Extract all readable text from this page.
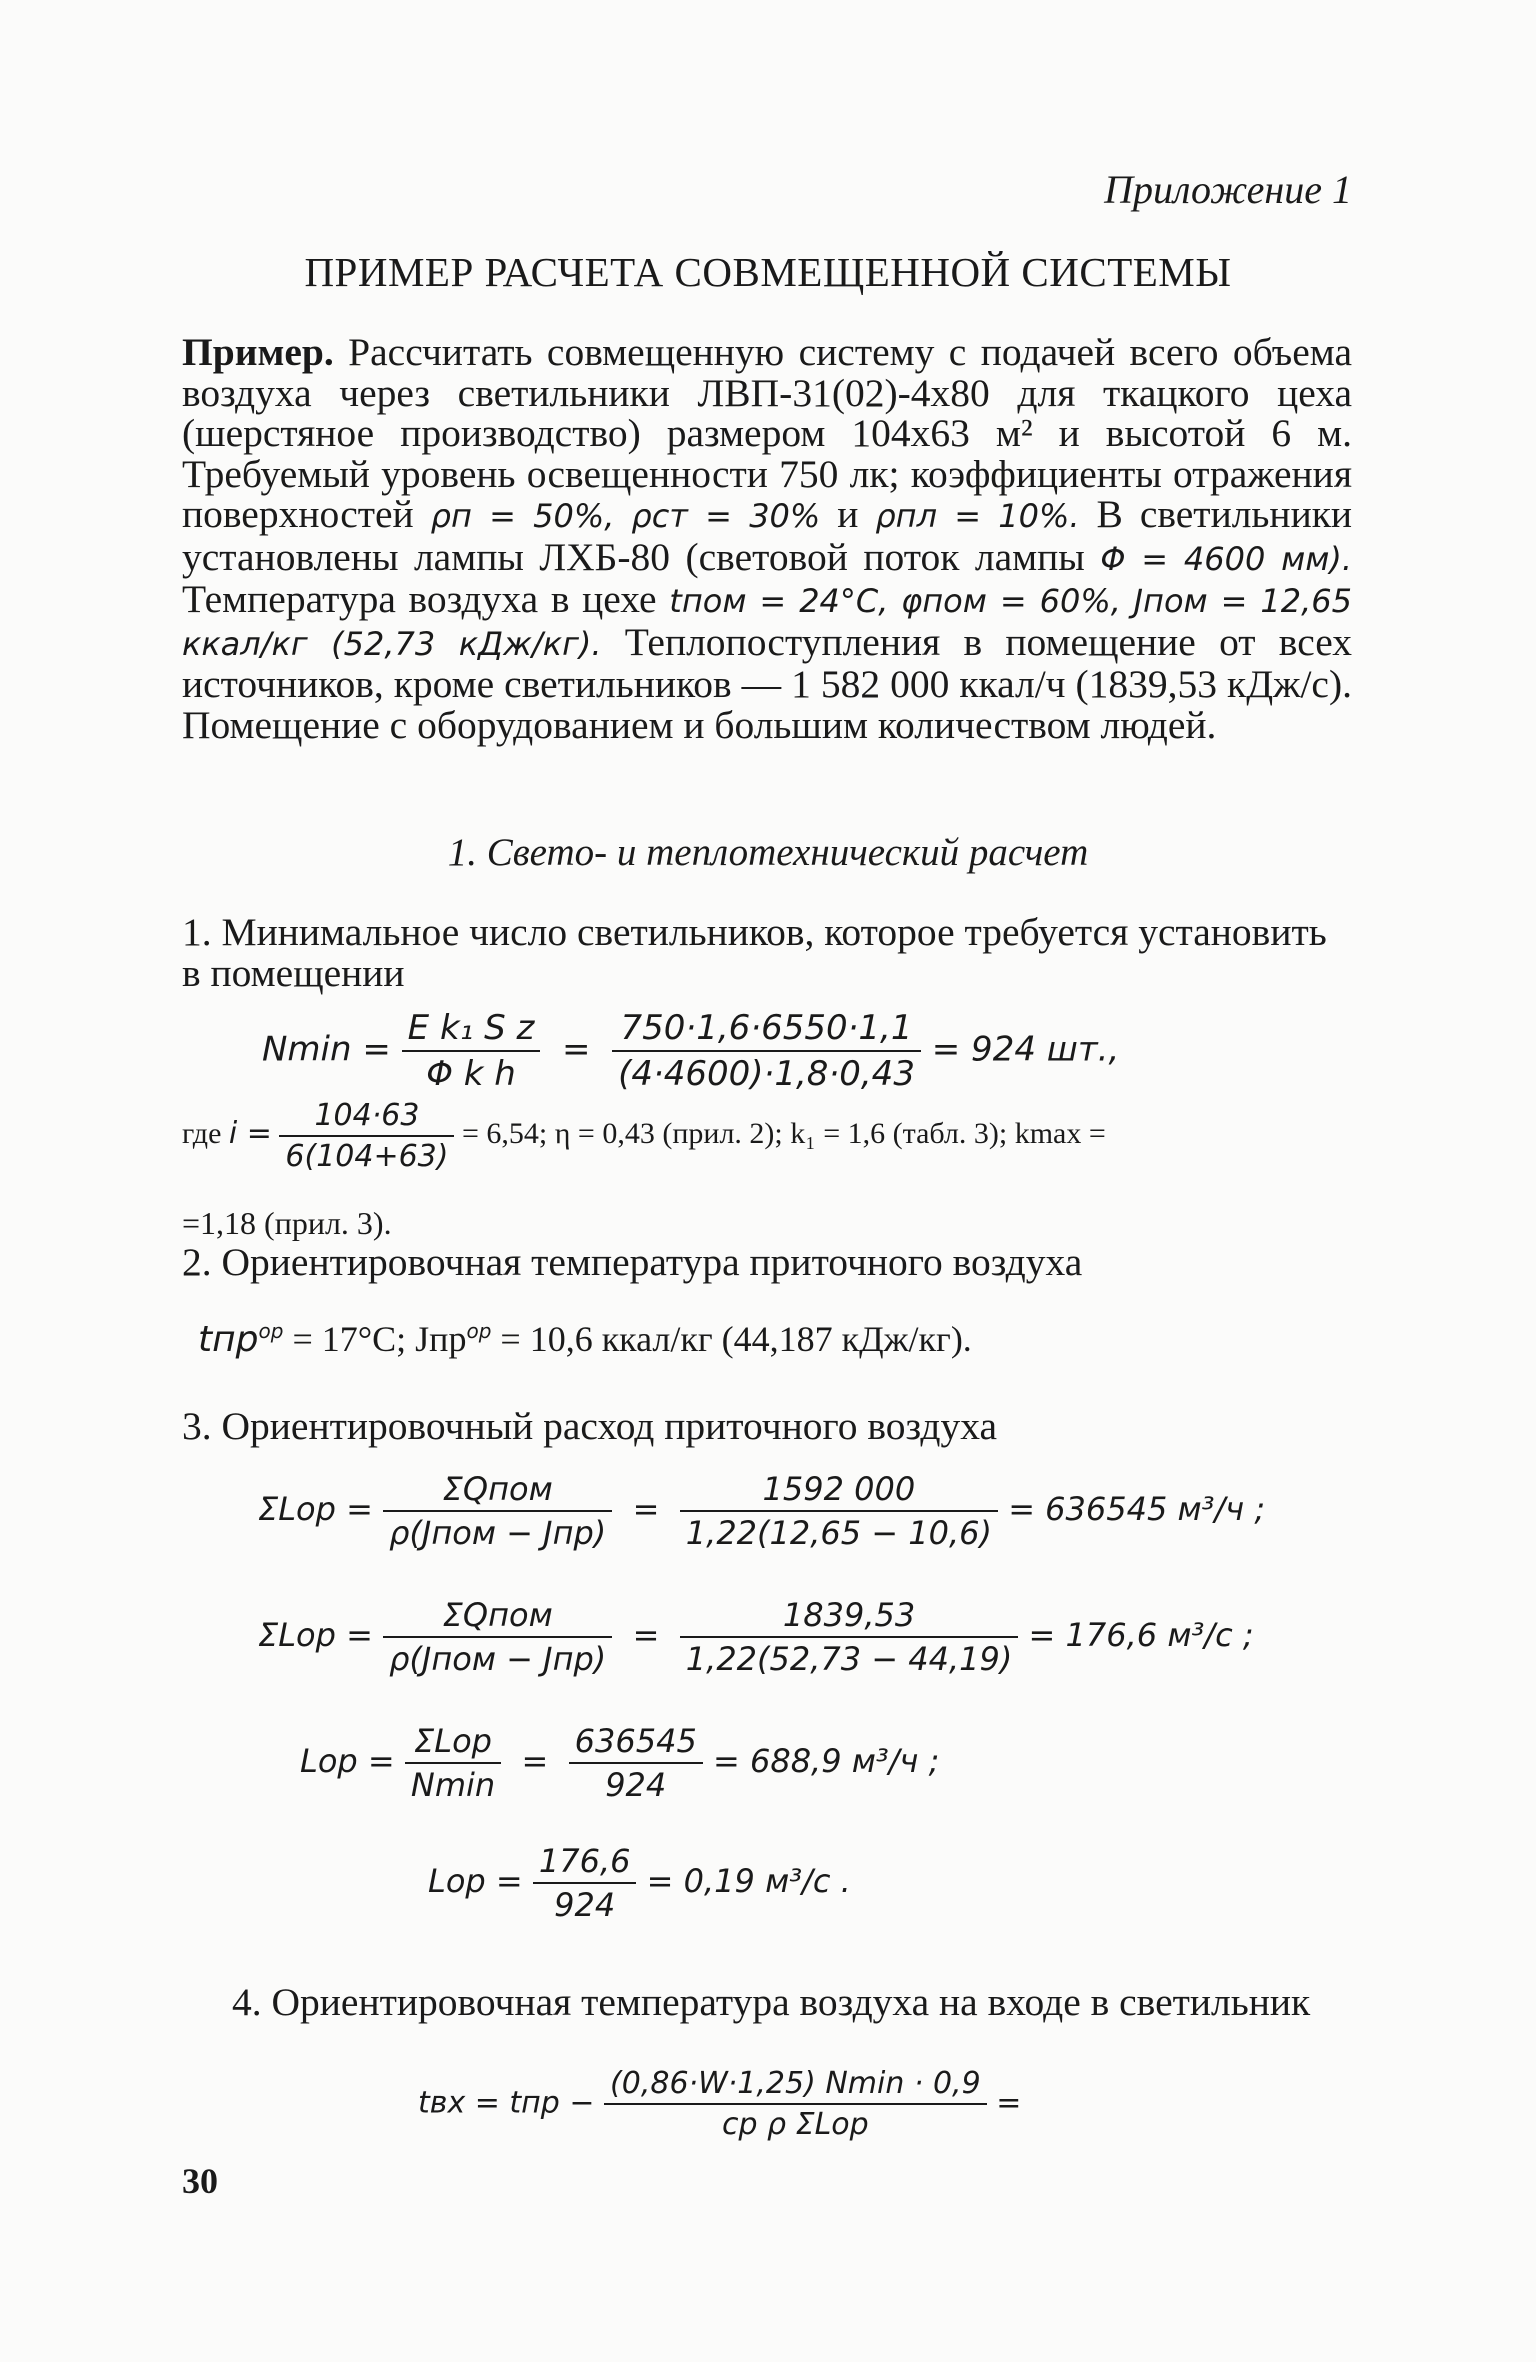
Приложение 1
ПРИМЕР РАСЧЕТА СОВМЕЩЕННОЙ СИСТЕМЫ

Пример. Рассчитать совмещенную систему с подачей всего объема воздуха через светильники ЛВП-31(02)-4х80 для ткацкого цеха (шерстяное производство) размером 104х63 м² и высотой 6 м. Требуемый уровень освещенности 750 лк; коэффициенты отражения поверхностей ρп = 50%, ρст = 30% и ρпл = 10%. В светильники установлены лампы ЛХБ-80 (световой поток лампы Φ = 4600 мм). Температура воздуха в цехе tпом = 24°С, φпом = 60%, Jпом = 12,65 ккал/кг (52,73 кДж/кг). Теплопоступления в помещение от всех источников, кроме светильников — 1 582 000 ккал/ч (1839,53 кДж/с). Помещение с оборудованием и большим количеством людей.

1. Свето- и теплотехнический расчет
1. Минимальное число светильников, которое требуется установить в помещении
$Nmin = \frac{\text{E k₁ S z}}{\text{Φ k h}} = \frac{750\cdot 1,6\cdot 6550\cdot 1,1}{(4\cdot 4600)\cdot 1,8\cdot 0,43} = 924$ шт.,
где $i = \frac{104\cdot 63}{6(104+63)} = 6,54$; η = 0,43 (прил. 2); k₁ = 1,6 (табл. 3); kmax =
=1,18 (прил. 3).
2. Ориентировочная температура приточного воздуха
tпр$^{ор}$ = 17°С; Jпр$^{ор}$ = 10,6 ккал/кг (44,187 кДж/кг).
3. Ориентировочный расход приточного воздуха
$\Sigma Lор = \frac{\text{ΣQпом}}{\text{ρ(Jпом − Jпр)}} = \frac{1592 000}{1,22(12,65 - 10,6)} = 636545$ м³/ч ;
$\Sigma Lор = \frac{\text{ΣQпом}}{\text{ρ(Jпом − Jпр)}} = \frac{1839,53}{1,22(52,73 - 44,19)} = 176,6$ м³/с ;
Lор = $\frac{\text{ΣLор}}{Nmin} = \frac{636545}{924} = 688,9$ м³/ч ;
Lор = $\frac{176,6}{924} = 0,19$ м³/с .
4. Ориентировочная температура воздуха на входе в светильник
tвх = tпр − $\frac{(0,86\cdot W\cdot 1,25) Nmin \cdot 0,9}{\text{cр ρ ΣLор}}$ =
30
